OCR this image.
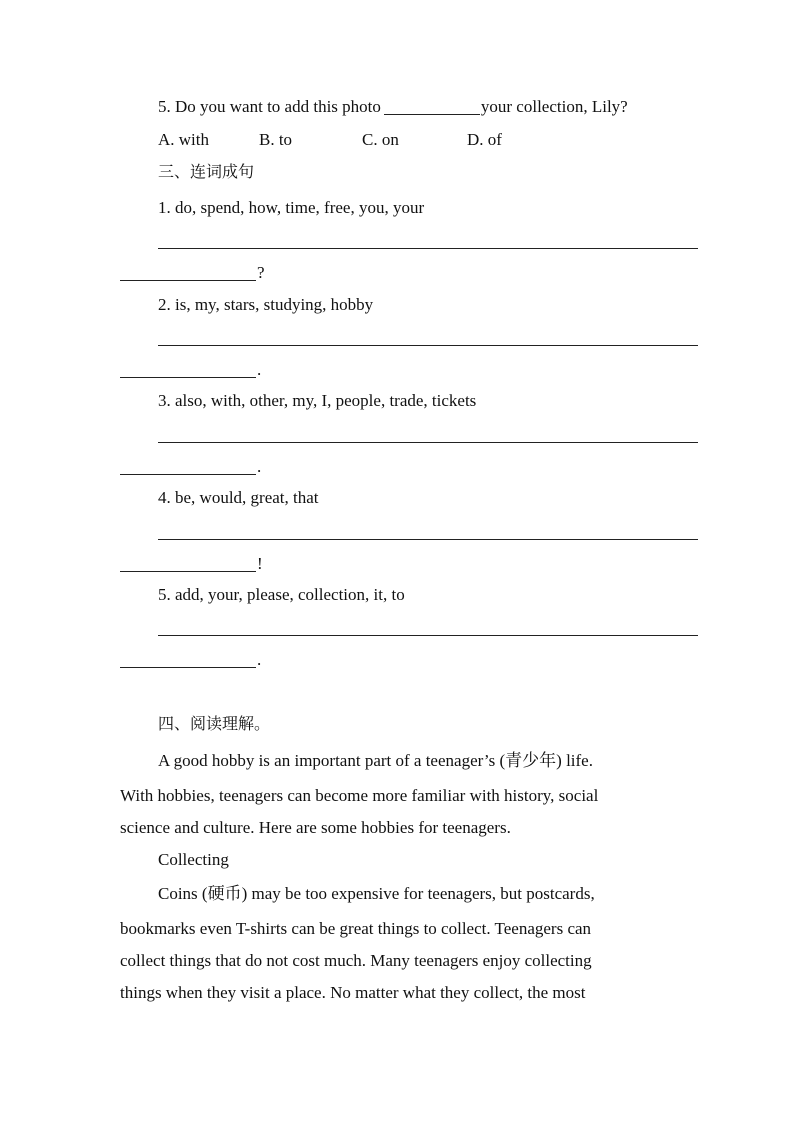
5. Do you want to add this photo	your collection, Lily?
A. with	B. to	C. on	D. of
三、连词成句
1. do, spend, how, time, free, you, your
?
2. is, my, stars, studying, hobby
.
3. also, with, other, my, I, people, trade, tickets
.
4. be, would, great, that
!
5. add, your, please, collection, it, to
.
四、阅读理解。
A good hobby is an important part of a teenager’s (青少年) life.
With hobbies, teenagers can become more familiar with history, social
science and culture. Here are some hobbies for teenagers.
Collecting
Coins (硬币) may be too expensive for teenagers, but postcards,
bookmarks even T-shirts can be great things to collect. Teenagers can
collect things that do not cost much. Many teenagers enjoy collecting
things when they visit a place. No matter what they collect, the most
